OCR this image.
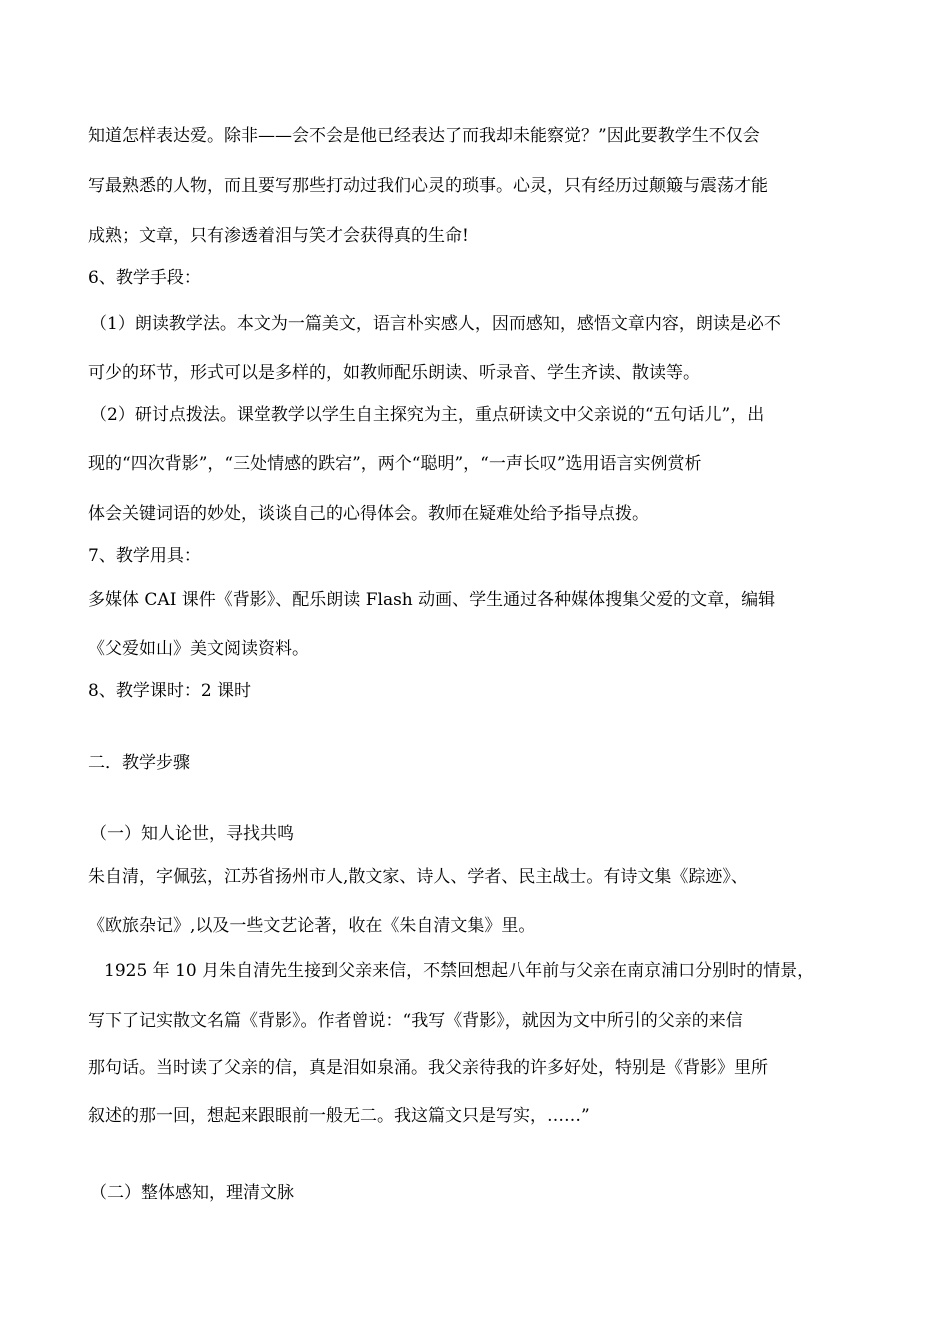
知道怎样表达爱。除非——会不会是他已经表达了而我却未能察觉？”因此要教学生不仅会
写最熟悉的人物，而且要写那些打动过我们心灵的琐事。心灵，只有经历过颠簸与震荡才能
成熟；文章，只有渗透着泪与笑才会获得真的生命!
6、教学手段：
（1）朗读教学法。本文为一篇美文，语言朴实感人，因而感知，感悟文章内容，朗读是必不
可少的环节，形式可以是多样的，如教师配乐朗读、听录音、学生齐读、散读等。
（2）研讨点拨法。课堂教学以学生自主探究为主，重点研读文中父亲说的“五句话儿”，出
现的“四次背影”，“三处情感的跌宕”，两个“聪明”，“一声长叹”选用语言实例赏析
体会关键词语的妙处，谈谈自己的心得体会。教师在疑难处给予指导点拨。
7、教学用具：
多媒体 CAI 课件《背影》、配乐朗读 Flash 动画、学生通过各种媒体搜集父爱的文章，编辑
《父爱如山》美文阅读资料。
8、教学课时：2 课时
二．教学步骤
（一）知人论世，寻找共鸣
朱自清，字佩弦，江苏省扬州市人,散文家、诗人、学者、民主战士。有诗文集《踪迹》、
《欧旅杂记》,以及一些文艺论著，收在《朱自清文集》里。
1925 年 10 月朱自清先生接到父亲来信，不禁回想起八年前与父亲在南京浦口分别时的情景，
写下了记实散文名篇《背影》。作者曾说：“我写《背影》，就因为文中所引的父亲的来信
那句话。当时读了父亲的信，真是泪如泉涌。我父亲待我的许多好处，特别是《背影》里所
叙述的那一回，想起来跟眼前一般无二。我这篇文只是写实，……”
（二）整体感知，理清文脉
